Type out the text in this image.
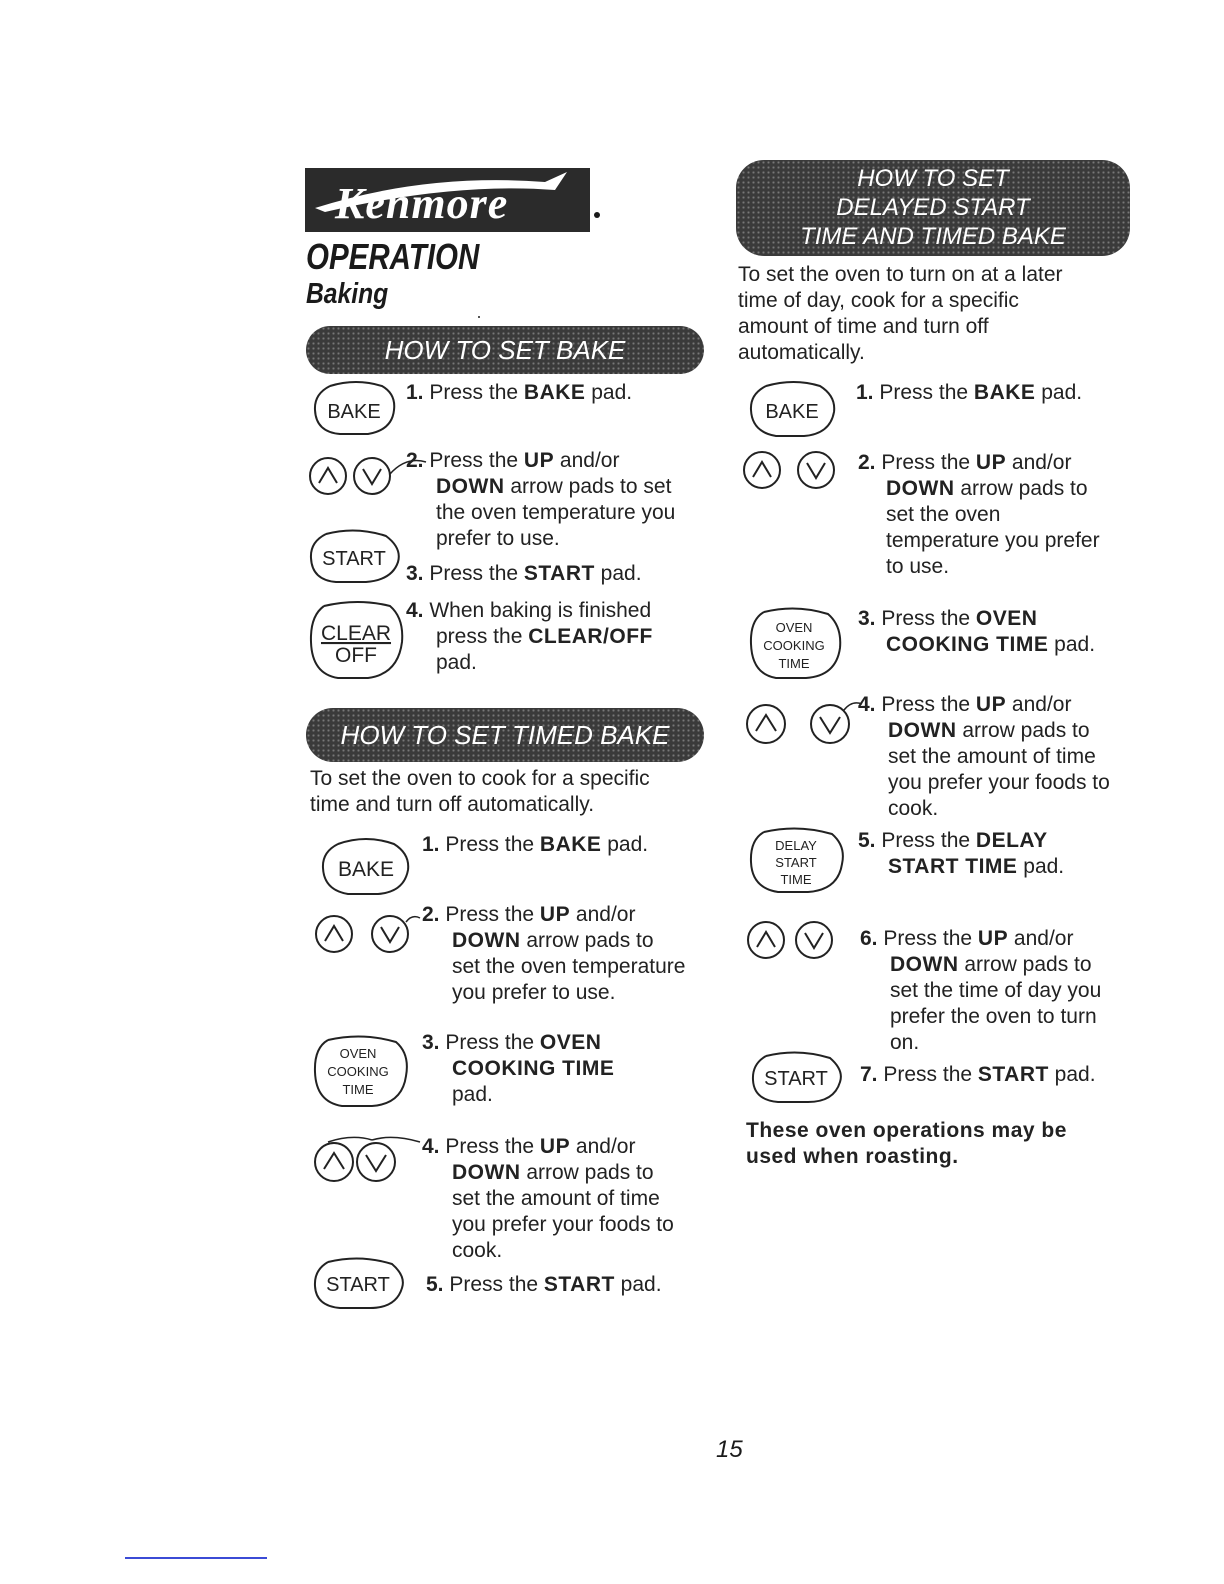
Kenmore
OPERATION
Baking
HOW TO SET BAKE
BAKE
1. Press the BAKE pad.
2. Press the UP and/or
DOWN arrow pads to set
the oven temperature you
prefer to use.
START
3. Press the START pad.
CLEAR
OFF
4. When baking is finished
press the CLEAR/OFF
pad.
HOW TO SET TIMED BAKE
To set the oven to cook for a specific
time and turn off automatically.
BAKE
1. Press the BAKE pad.
2. Press the UP and/or
DOWN arrow pads to
set the oven temperature
you prefer to use.
OVEN
COOKING
TIME
3. Press the OVEN
COOKING TIME
pad.
4. Press the UP and/or
DOWN arrow pads to
set the amount of time
you prefer your foods to
cook.
START 5. Press the START pad.
HOW TO SET
DELAYED START
TIME AND TIMED BAKE
To set the oven to turn on at a later
time of day, cook for a specific
amount of time and turn off
automatically.
BAKE
1. Press the BAKE pad.
2. Press the UP and/or
DOWN arrow pads to
set the oven
temperature you prefer
to use.
OVEN
COOKING
TIME
3. Press the OVEN
COOKING TIME pad.
4. Press the UP and/or
DOWN arrow pads to
set the amount of time
you prefer your foods to
cook.
DELAY
START
TIME
5. Press the DELAY
START TIME pad.
6. Press the UP and/or
DOWN arrow pads to
set the time of day you
prefer the oven to turn
on.
START 7. Press the START pad.
These oven operations may be
used when roasting.
15
